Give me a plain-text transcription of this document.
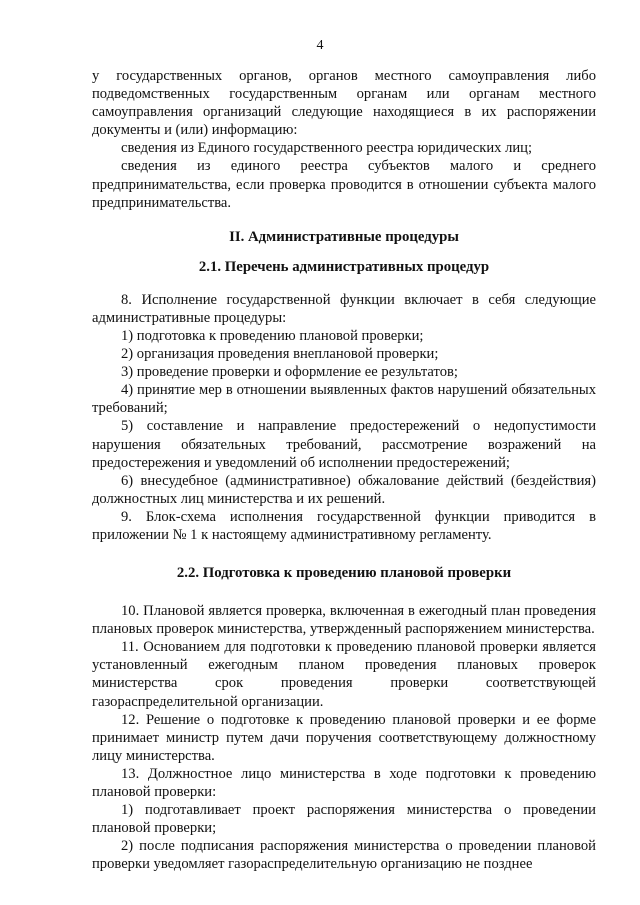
4

у государственных органов, органов местного самоуправления либо подведомственных государственным органам или органам местного самоуправления организаций следующие находящиеся в их распоряжении документы и (или) информацию:

сведения из Единого государственного реестра юридических лиц;

сведения из единого реестра субъектов малого и среднего предпринимательства, если проверка проводится в отношении субъекта малого предпринимательства.

II. Административные процедуры
2.1. Перечень административных процедур

8. Исполнение государственной функции включает в себя следующие административные процедуры:

1) подготовка к проведению плановой проверки;

2) организация проведения внеплановой проверки;

3) проведение проверки и оформление ее результатов;

4) принятие мер в отношении выявленных фактов нарушений обязательных требований;

5) составление и направление предостережений о недопустимости нарушения обязательных требований, рассмотрение возражений на предостережения и уведомлений об исполнении предостережений;

6) внесудебное (административное) обжалование действий (бездействия) должностных лиц министерства и их решений.

9. Блок-схема исполнения государственной функции приводится в приложении № 1 к настоящему административному регламенту.

2.2. Подготовка к проведению плановой проверки

10. Плановой является проверка, включенная в ежегодный план проведения плановых проверок министерства, утвержденный распоряжением министерства.

11. Основанием для подготовки к проведению плановой проверки является установленный ежегодным планом проведения плановых проверок министерства срок проведения проверки соответствующей газораспределительной организации.

12. Решение о подготовке к проведению плановой проверки и ее форме принимает министр путем дачи поручения соответствующему должностному лицу министерства.

13. Должностное лицо министерства в ходе подготовки к проведению плановой проверки:

1) подготавливает проект распоряжения министерства о проведении плановой проверки;

2) после подписания распоряжения министерства о проведении плановой проверки уведомляет газораспределительную организацию не позднее
